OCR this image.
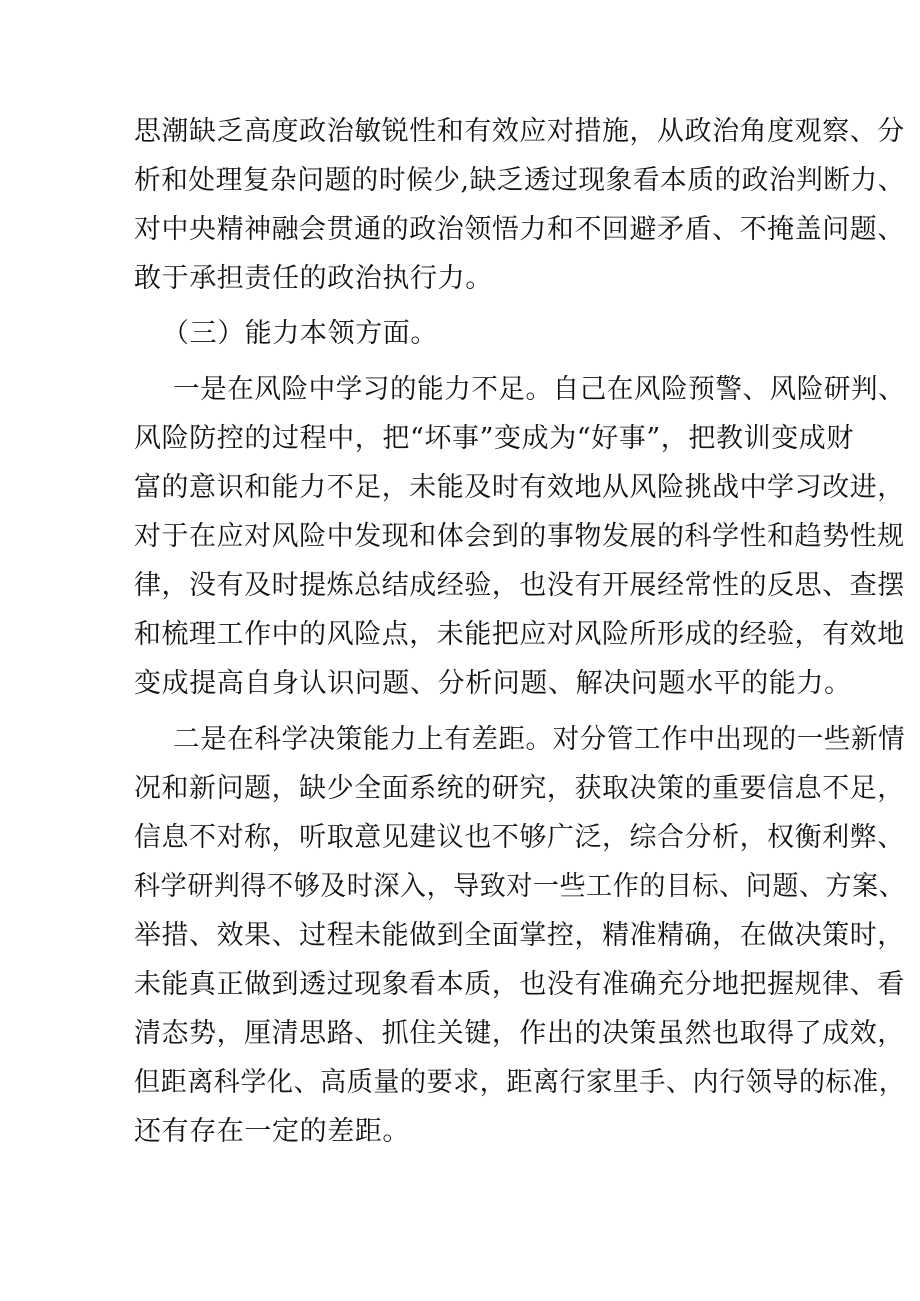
思潮缺乏高度政治敏锐性和有效应对措施，从政治角度观察、分
析和处理复杂问题的时候少,缺乏透过现象看本质的政治判断力、
对中央精神融会贯通的政治领悟力和不回避矛盾、不掩盖问题、
敢于承担责任的政治执行力。
（三）能力本领方面。
一是在风险中学习的能力不足。自己在风险预警、风险研判、
风险防控的过程中，把“坏事”变成为“好事”，把教训变成财
富的意识和能力不足，未能及时有效地从风险挑战中学习改进，
对于在应对风险中发现和体会到的事物发展的科学性和趋势性规
律，没有及时提炼总结成经验，也没有开展经常性的反思、查摆
和梳理工作中的风险点，未能把应对风险所形成的经验，有效地
变成提高自身认识问题、分析问题、解决问题水平的能力。
二是在科学决策能力上有差距。对分管工作中出现的一些新情
况和新问题，缺少全面系统的研究，获取决策的重要信息不足，
信息不对称，听取意见建议也不够广泛，综合分析，权衡利弊、
科学研判得不够及时深入，导致对一些工作的目标、问题、方案、
举措、效果、过程未能做到全面掌控，精准精确，在做决策时，
未能真正做到透过现象看本质，也没有准确充分地把握规律、看
清态势，厘清思路、抓住关键，作出的决策虽然也取得了成效，
但距离科学化、高质量的要求，距离行家里手、内行领导的标准，
还有存在一定的差距。
